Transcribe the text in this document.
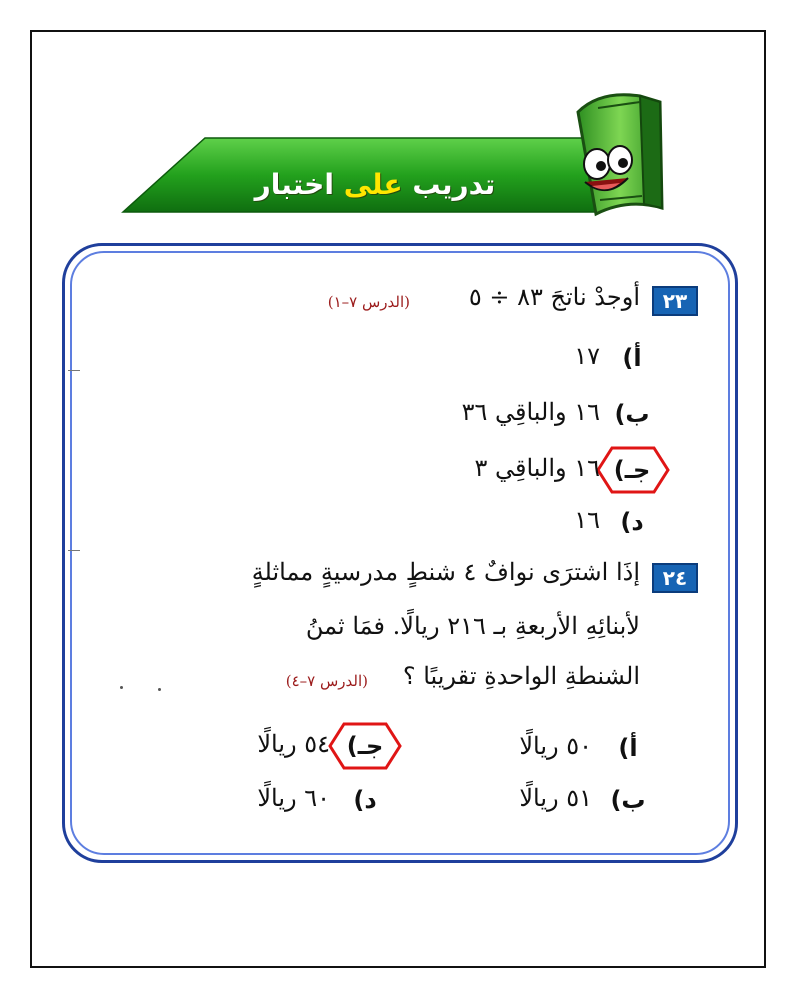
تدريب على اختبار
٢٣
أوجدْ ناتجَ ٨٣ ÷ ٥
(الدرس ٧–١)
أ)
١٧
ب)
١٦ والباقِي ٣٦
جـ)
١٦ والباقِي ٣
د)
١٦
٢٤
إذَا اشترَى نوافٌ ٤ شنطٍ مدرسيةٍ مماثلةٍ
لأبنائِهِ الأربعةِ بـ ٢١٦ ريالًا. فمَا ثمنُ
الشنطةِ الواحدةِ تقريبًا ؟
(الدرس ٧–٤)
أ)
٥٠ ريالًا
ب)
٥١ ريالًا
جـ)
٥٤ ريالًا
د)
٦٠ ريالًا
